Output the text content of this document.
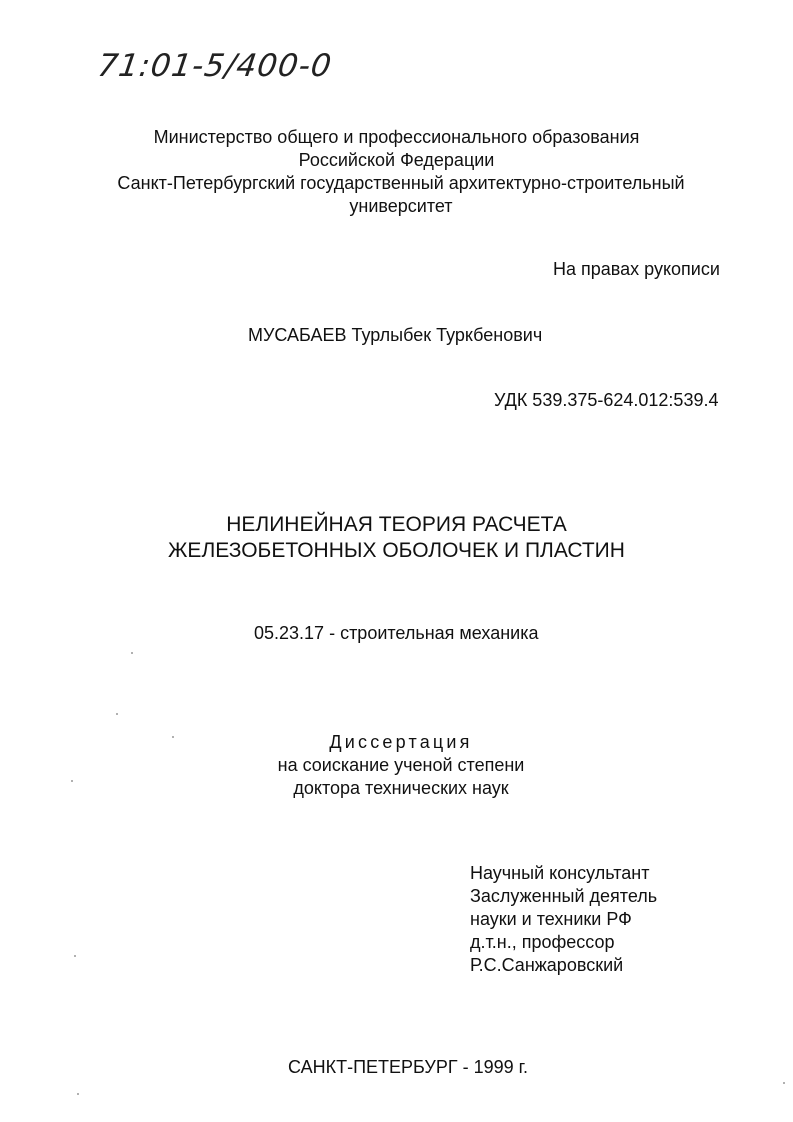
71:01-5/400-0
Министерство общего и профессионального образования
Российской Федерации
Санкт-Петербургский государственный архитектурно-строительный
университет
На правах рукописи
МУСАБАЕВ Турлыбек Туркбенович
УДК 539.375-624.012:539.4
НЕЛИНЕЙНАЯ ТЕОРИЯ РАСЧЕТА
ЖЕЛЕЗОБЕТОННЫХ ОБОЛОЧЕК И ПЛАСТИН
05.23.17 - строительная механика
Диссертация
на соискание ученой степени
доктора технических наук
Научный консультант
Заслуженный деятель
науки и техники РФ
д.т.н., профессор
Р.С.Санжаровский
САНКТ-ПЕТЕРБУРГ - 1999 г.
